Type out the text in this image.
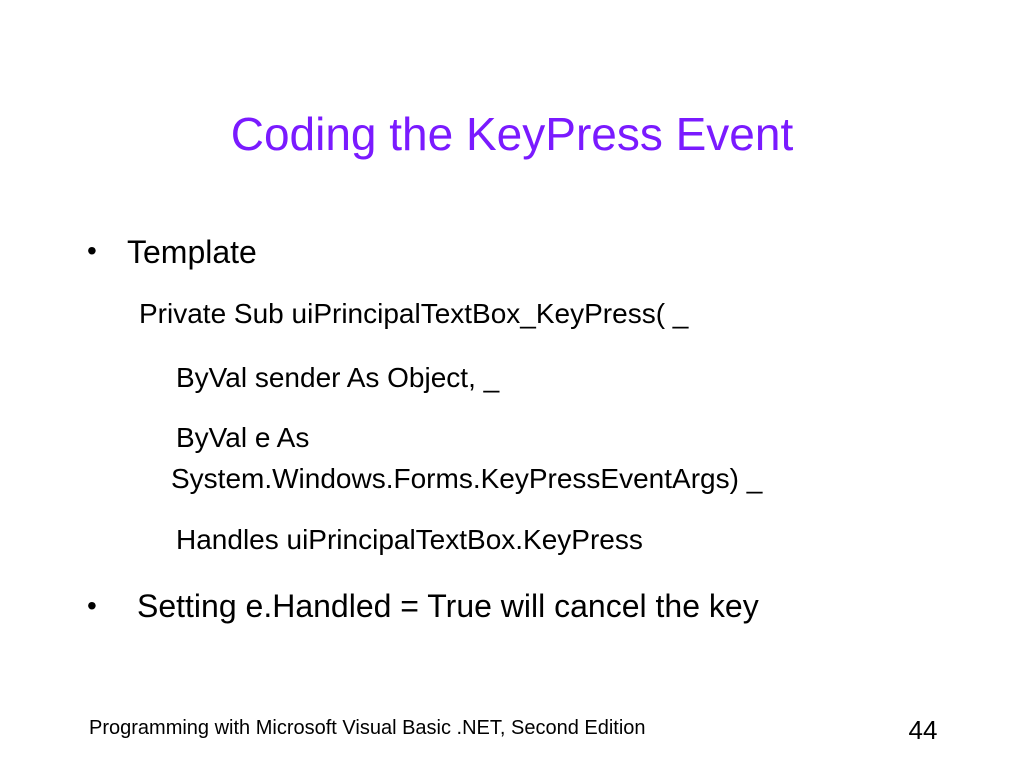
Coding the KeyPress Event
• Template
Private Sub uiPrincipalTextBox_KeyPress( _
ByVal sender As Object, _
ByVal e As
System.Windows.Forms.KeyPressEventArgs) _
Handles uiPrincipalTextBox.KeyPress
• Setting e.Handled = True will cancel the key
Programming with Microsoft Visual Basic .NET, Second Edition	44
